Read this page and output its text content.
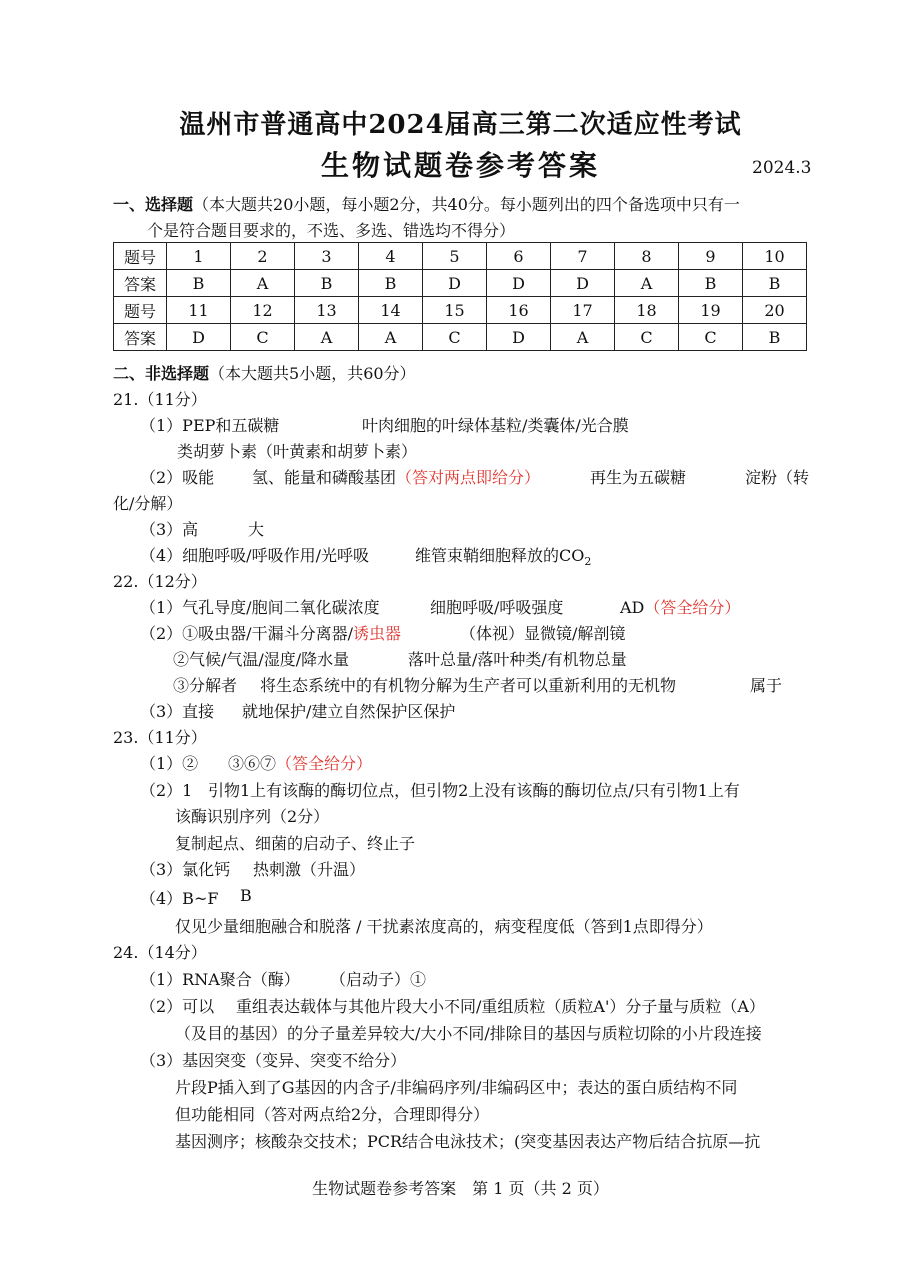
温州市普通高中2024届高三第二次适应性考试
生物试题卷参考答案	2024.3
一、选择题（本大题共20小题，每小题2分，共40分。每小题列出的四个备选项中只有一
个是符合题目要求的，不选、多选、错选均不得分）
题号	1	2	3	4	5	6	7	8	9	10
答案	B	A	B	B	D	D	D	A	B	B
题号	11	12	13	14	15	16	17	18	19	20
答案	D	C	A	A	C	D	A	C	C	B
二、非选择题（本大题共5小题，共60分）
21.（11分）
（1）PEP和五碳糖	叶肉细胞的叶绿体基粒/类囊体/光合膜
类胡萝卜素（叶黄素和胡萝卜素）
（2）吸能 氢、能量和磷酸基团（答对两点即给分）	再生为五碳糖	淀粉（转
化/分解）
（3）高	大
（4）细胞呼吸/呼吸作用/光呼吸	维管束鞘细胞释放的$CO_2$
22.（12分）
（1）气孔导度/胞间二氧化碳浓度	细胞呼吸/呼吸强度	AD（答全给分）
（2）①吸虫器/干漏斗分离器/诱虫器	（体视）显微镜/解剖镜
②气候/气温/湿度/降水量	落叶总量/落叶种类/有机物总量
③分解者 将生态系统中的有机物分解为生产者可以重新利用的无机物	属于
（3）直接 就地保护/建立自然保护区保护
23.（11分）
（1）② ③⑥⑦（答全给分）
（2）1 引物1上有该酶的酶切位点，但引物2上没有该酶的酶切位点/只有引物1上有
该酶识别序列（2分）
复制起点、细菌的启动子、终止子
（3）氯化钙 热刺激（升温）
（4）B~F B
仅见少量细胞融合和脱落 / 干扰素浓度高的，病变程度低（答到1点即得分）
24.（14分）
（1）RNA聚合（酶） （启动子）①
（2）可以 重组表达载体与其他片段大小不同/重组质粒（质粒A'）分子量与质粒（A）
（及目的基因）的分子量差异较大/大小不同/排除目的基因与质粒切除的小片段连接
（3）基因突变（变异、突变不给分）
片段P插入到了G基因的内含子/非编码序列/非编码区中；表达的蛋白质结构不同
但功能相同（答对两点给2分，合理即得分）
基因测序；核酸杂交技术；PCR结合电泳技术；(突变基因表达产物后结合抗原—抗
生物试题卷参考答案　第 1 页（共 2 页）
